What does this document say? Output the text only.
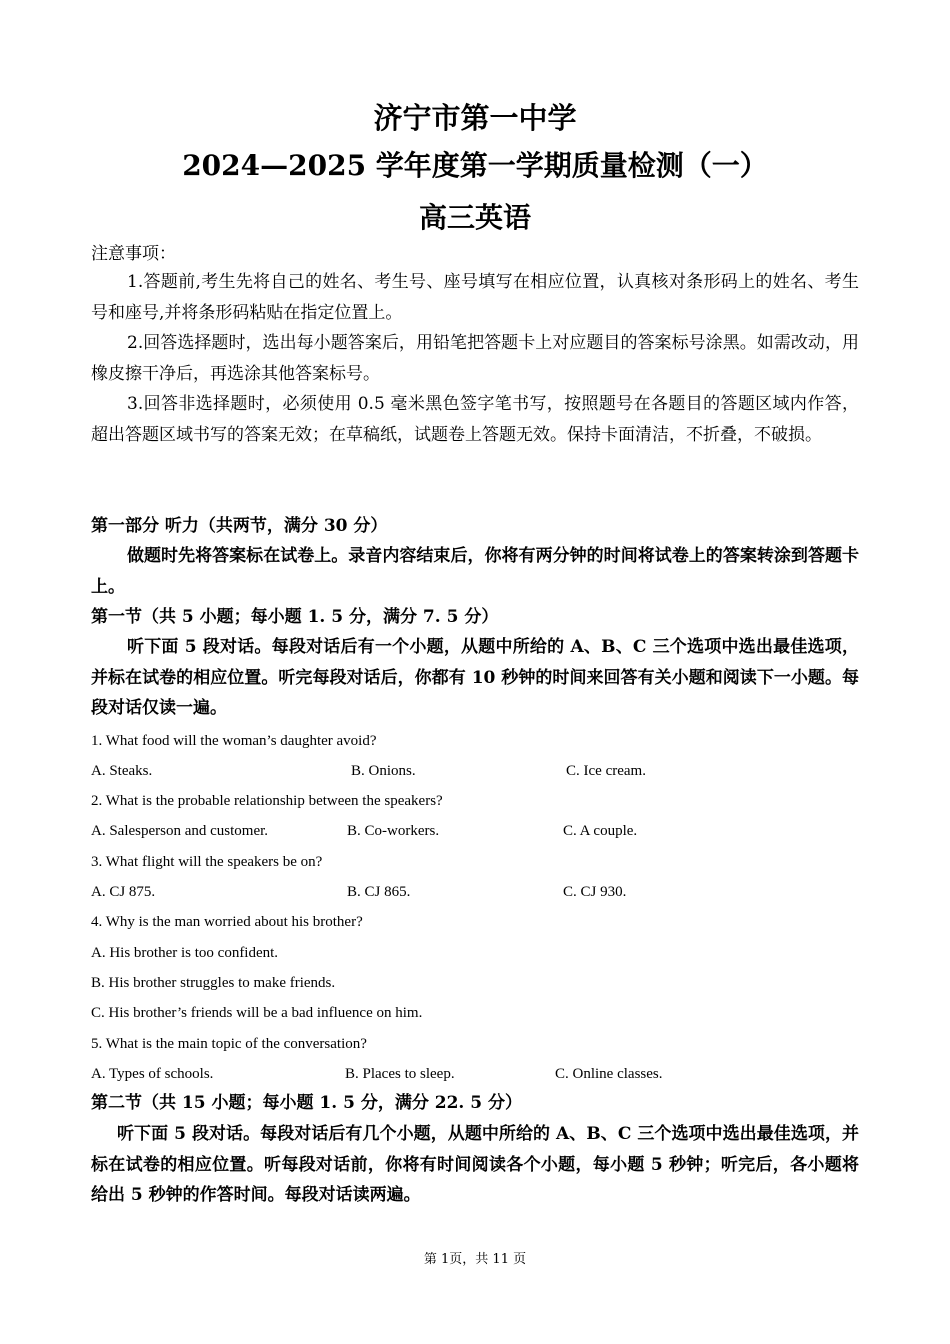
济宁市第一中学
2024—2025 学年度第一学期质量检测（一）
高三英语
注意事项：
1.答题前,考生先将自己的姓名、考生号、座号填写在相应位置，认真核对条形码上的姓名、考生号和座号,并将条形码粘贴在指定位置上。
2.回答选择题时，选出每小题答案后，用铅笔把答题卡上对应题目的答案标号涂黑。如需改动，用橡皮擦干净后，再选涂其他答案标号。
3.回答非选择题时，必须使用 0.5 毫米黑色签字笔书写，按照题号在各题目的答题区域内作答，超出答题区域书写的答案无效；在草稿纸，试题卷上答题无效。保持卡面清洁，不折叠，不破损。
第一部分 听力（共两节，满分 30 分）
做题时先将答案标在试卷上。录音内容结束后，你将有两分钟的时间将试卷上的答案转涂到答题卡上。
第一节（共 5 小题；每小题 1. 5 分，满分 7. 5 分）
听下面 5 段对话。每段对话后有一个小题，从题中所给的 A、B、C 三个选项中选出最佳选项，并标在试卷的相应位置。听完每段对话后，你都有 10 秒钟的时间来回答有关小题和阅读下一小题。每段对话仅读一遍。
1. What food will the woman’s daughter avoid?
A. Steaks.	B. Onions.	C. Ice cream.
2. What is the probable relationship between the speakers?
A. Salesperson and customer.	B. Co-workers.	C. A couple.
3. What flight will the speakers be on?
A. CJ 875.	B. CJ 865.	C. CJ 930.
4. Why is the man worried about his brother?
A. His brother is too confident.
B. His brother struggles to make friends.
C. His brother’s friends will be a bad influence on him.
5. What is the main topic of the conversation?
A. Types of schools.	B. Places to sleep.	C. Online classes.
第二节（共 15 小题；每小题 1. 5 分，满分 22. 5 分）
听下面 5 段对话。每段对话后有几个小题，从题中所给的 A、B、C 三个选项中选出最佳选项，并标在试卷的相应位置。听每段对话前，你将有时间阅读各个小题，每小题 5 秒钟；听完后，各小题将给出 5 秒钟的作答时间。每段对话读两遍。
第 1页，共 11 页
